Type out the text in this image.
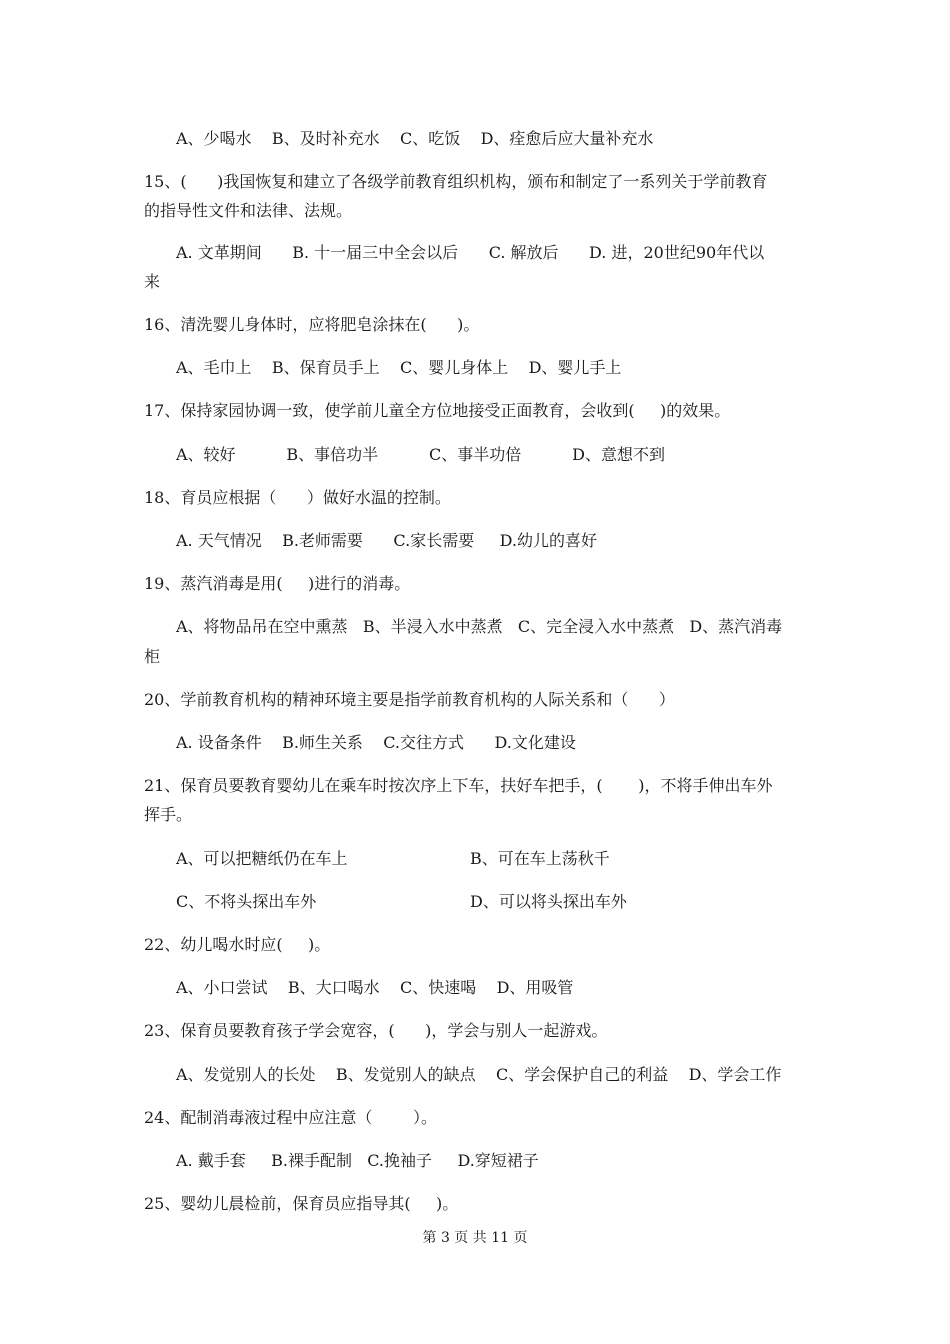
A、少喝水    B、及时补充水    C、吃饭    D、痊愈后应大量补充水

15、(      )我国恢复和建立了各级学前教育组织机构，颁布和制定了一系列关于学前教育

的指导性文件和法律、法规。

A. 文革期间      B. 十一届三中全会以后      C. 解放后      D. 进，20世纪90年代以

来

16、清洗婴儿身体时，应将肥皂涂抹在(      )。

A、毛巾上    B、保育员手上    C、婴儿身体上    D、婴儿手上

17、保持家园协调一致，使学前儿童全方位地接受正面教育，会收到(     )的效果。

A、较好          B、事倍功半          C、事半功倍          D、意想不到

18、育员应根据（      ）做好水温的控制。

A. 天气情况    B.老师需要      C.家长需要     D.幼儿的喜好

19、蒸汽消毒是用(     )进行的消毒。

A、将物品吊在空中熏蒸   B、半浸入水中蒸煮   C、完全浸入水中蒸煮   D、蒸汽消毒

柜

20、学前教育机构的精神环境主要是指学前教育机构的人际关系和（      ）

A. 设备条件    B.师生关系    C.交往方式      D.文化建设

21、保育员要教育婴幼儿在乘车时按次序上下车，扶好车把手，(       )，不将手伸出车外

挥手。

A、可以把糖纸仍在车上	B、可在车上荡秋千

C、不将头探出车外	D、可以将头探出车外

22、幼儿喝水时应(     )。

A、小口尝试    B、大口喝水    C、快速喝    D、用吸管

23、保育员要教育孩子学会宽容，(      )，学会与别人一起游戏。

A、发觉别人的长处    B、发觉别人的缺点    C、学会保护自己的利益    D、学会工作

24、配制消毒液过程中应注意（        ）。

A. 戴手套     B.裸手配制   C.挽袖子     D.穿短裙子

25、婴幼儿晨检前，保育员应指导其(     )。

第 3 页 共 11 页
